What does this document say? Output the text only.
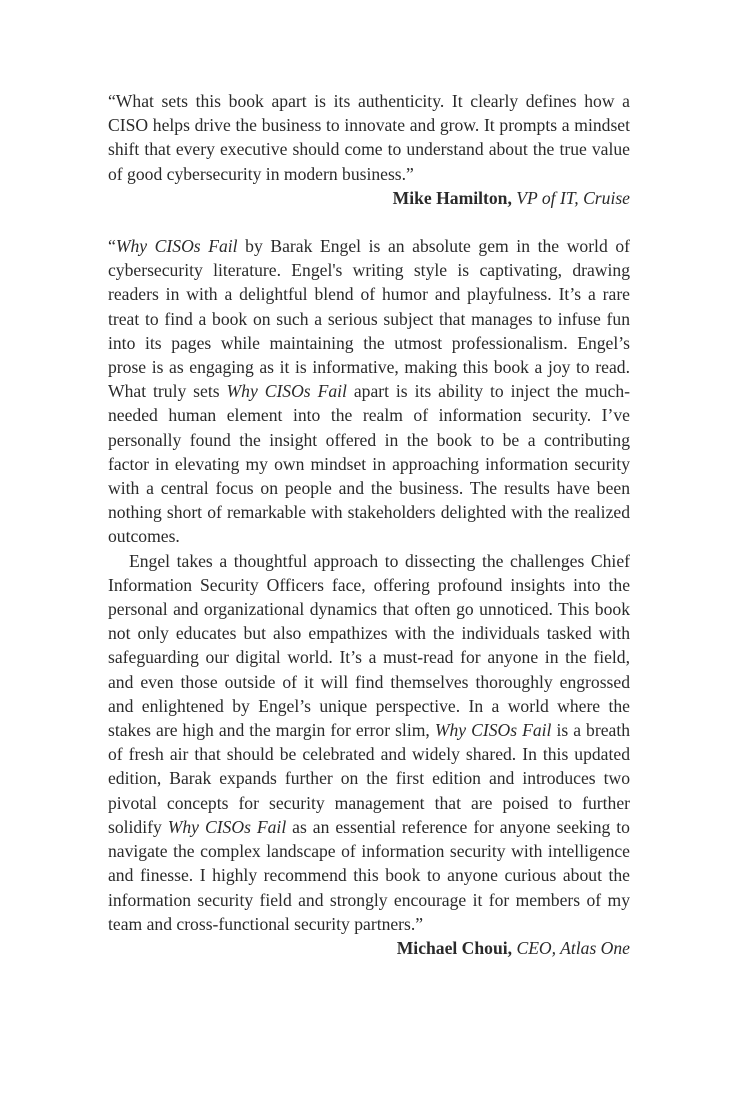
“What sets this book apart is its authenticity. It clearly defines how a CISO helps drive the business to innovate and grow. It prompts a mindset shift that every executive should come to understand about the true value of good cybersecurity in modern business.”

Mike Hamilton, VP of IT, Cruise

“Why CISOs Fail by Barak Engel is an absolute gem in the world of cybersecurity literature. Engel's writing style is captivating, drawing readers in with a delightful blend of humor and playfulness. It’s a rare treat to find a book on such a serious subject that manages to infuse fun into its pages while maintaining the utmost professionalism. Engel’s prose is as engaging as it is informative, making this book a joy to read. What truly sets Why CISOs Fail apart is its ability to inject the much-needed human element into the realm of information security. I’ve personally found the insight offered in the book to be a contributing factor in elevating my own mindset in approaching information security with a central focus on people and the business. The results have been nothing short of remarkable with stakeholders delighted with the realized outcomes.

Engel takes a thoughtful approach to dissecting the challenges Chief Information Security Officers face, offering profound insights into the personal and organizational dynamics that often go unnoticed. This book not only educates but also empathizes with the individuals tasked with safeguarding our digital world. It’s a must-read for anyone in the field, and even those outside of it will find themselves thoroughly engrossed and enlightened by Engel’s unique perspective. In a world where the stakes are high and the margin for error slim, Why CISOs Fail is a breath of fresh air that should be celebrated and widely shared. In this updated edition, Barak expands further on the first edition and introduces two pivotal concepts for security management that are poised to further solidify Why CISOs Fail as an essential reference for anyone seeking to navigate the complex landscape of information security with intelligence and finesse. I highly recommend this book to anyone curious about the information security field and strongly encourage it for members of my team and cross-functional security partners.”

Michael Choui, CEO, Atlas One
